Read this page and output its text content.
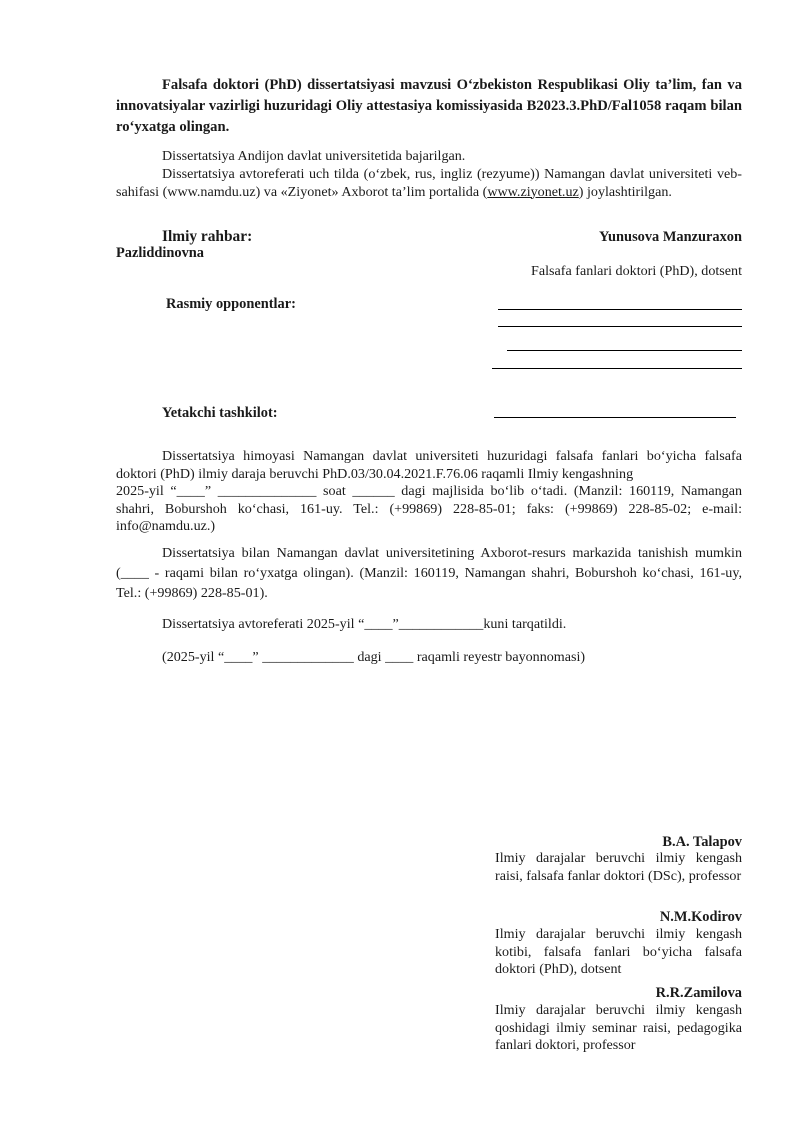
Falsafa doktori (PhD) dissertatsiyasi mavzusi O‘zbekiston Respublikasi Oliy ta’lim, fan va innovatsiyalar vazirligi huzuridagi Oliy attestasiya komissiyasida B2023.3.PhD/Fal1058 raqam bilan ro‘yxatga olingan.

Dissertatsiya Andijon davlat universitetida bajarilgan.

Dissertatsiya avtoreferati uch tilda (o‘zbek, rus, ingliz (rezyume)) Namangan davlat universiteti veb-sahifasi (www.namdu.uz) va «Ziyonet» Axborot ta’lim portalida (www.ziyonet.uz) joylashtirilgan.

Ilmiy rahbar:	Yunusova Manzuraxon

Pazliddinovna

Falsafa fanlari doktori (PhD), dotsent

Rasmiy opponentlar:

Yetakchi tashkilot:

Dissertatsiya himoyasi Namangan davlat universiteti huzuridagi falsafa fanlari bo‘yicha falsafa doktori (PhD) ilmiy daraja beruvchi PhD.03/30.04.2021.F.76.06 raqamli Ilmiy kengashning

2025-yil “____” ______________ soat ______ dagi majlisida bo‘lib o‘tadi. (Manzil: 160119, Namangan shahri, Boburshoh ko‘chasi, 161-uy. Tel.: (+99869) 228-85-01; faks: (+99869) 228-85-02; e-mail: info@namdu.uz.)

Dissertatsiya bilan Namangan davlat universitetining Axborot-resurs markazida tanishish mumkin (____ - raqami bilan ro‘yxatga olingan). (Manzil: 160119, Namangan shahri, Boburshoh ko‘chasi, 161-uy, Tel.: (+99869) 228-85-01).

Dissertatsiya avtoreferati 2025-yil “____”____________kuni tarqatildi.

(2025-yil “____” _____________ dagi ____ raqamli reyestr bayonnomasi)

B.A. Talapov

Ilmiy darajalar beruvchi ilmiy kengash raisi, falsafa fanlar doktori (DSc), professor

N.M.Kodirov

Ilmiy darajalar beruvchi ilmiy kengash kotibi, falsafa fanlari bo‘yicha falsafa doktori (PhD), dotsent

R.R.Zamilova

Ilmiy darajalar beruvchi ilmiy kengash qoshidagi ilmiy seminar raisi, pedagogika fanlari doktori, professor
